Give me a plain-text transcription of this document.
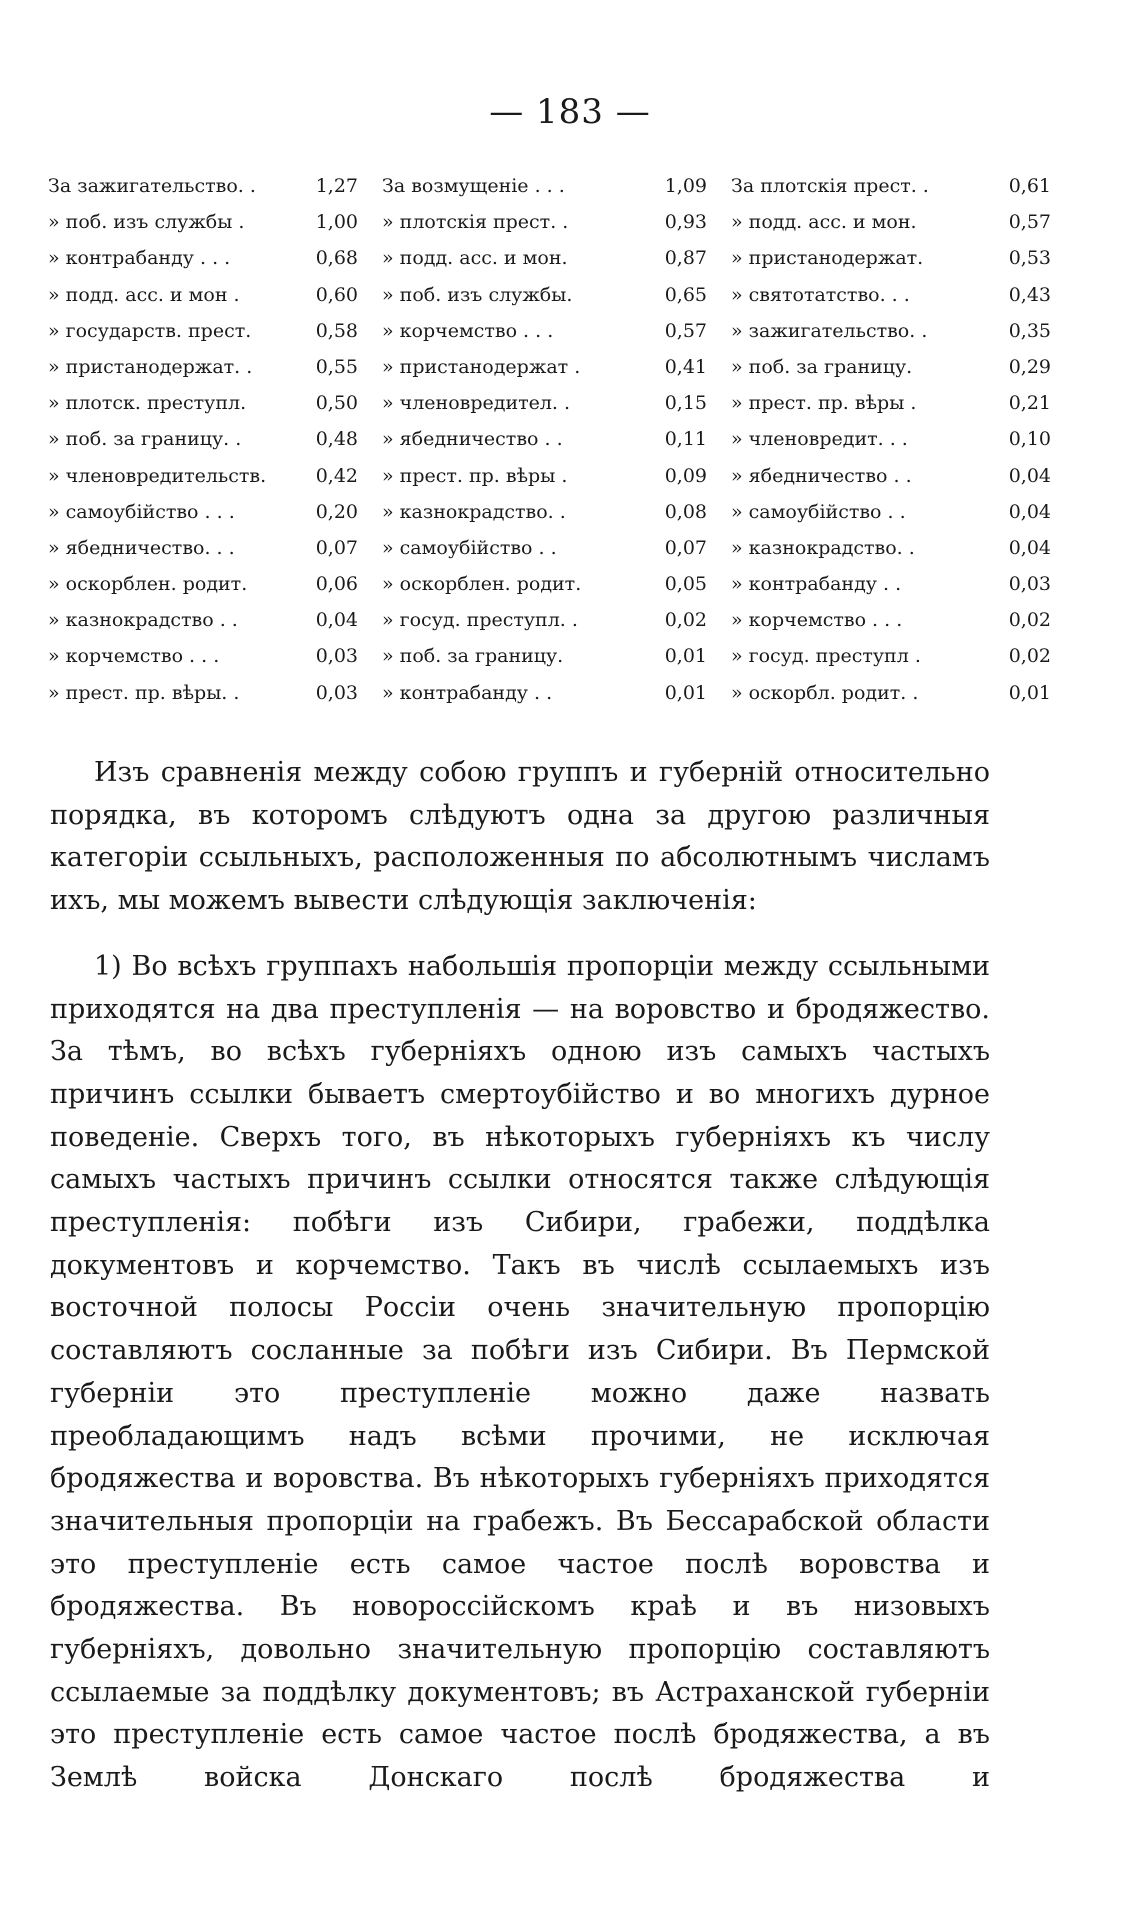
— 183 —
За зажигательство. .	1,27
» поб. изъ службы .	1,00
» контрабанду . . .	0,68
» подд. асс. и мон .	0,60
» государств. прест.	0,58
» пристанодержат. .	0,55
» плотск. преступл.	0,50
» поб. за границу. .	0,48
» членовредительств.	0,42
» самоубійство . . .	0,20
» ябедничество. . .	0,07
» оскорблен. родит.	0,06
» казнокрадство . .	0,04
» корчемство . . .	0,03
» прест. пр. вѣры. .	0,03
За возмущеніе . . .	1,09
» плотскія прест. .	0,93
» подд. асс. и мон.	0,87
» поб. изъ службы.	0,65
» корчемство . . .	0,57
» пристанодержат .	0,41
» членовредител. .	0,15
» ябедничество . .	0,11
» прест. пр. вѣры .	0,09
» казнокрадство. .	0,08
» самоубійство . .	0,07
» оскорблен. родит.	0,05
» госуд. преступл. .	0,02
» поб. за границу.	0,01
» контрабанду . .	0,01
За плотскія прест. .	0,61
» подд. асс. и мон.	0,57
» пристанодержат.	0,53
» святотатство. . .	0,43
» зажигательство. .	0,35
» поб. за границу.	0,29
» прест. пр. вѣры .	0,21
» членовредит. . .	0,10
» ябедничество . .	0,04
» самоубійство . .	0,04
» казнокрадство. .	0,04
» контрабанду . .	0,03
» корчемство . . .	0,02
» госуд. преступл .	0,02
» оскорбл. родит. .	0,01

Изъ сравненія между собою группъ и губерній относительно порядка, въ которомъ слѣдуютъ одна за другою различныя категоріи ссыльныхъ, расположенныя по абсолютнымъ числамъ ихъ, мы можемъ вывести слѣдующія заключенія:

1) Во всѣхъ группахъ набольшія пропорціи между ссыльными приходятся на два преступленія — на воровство и бродяжество. За тѣмъ, во всѣхъ губерніяхъ одною изъ самыхъ частыхъ причинъ ссылки бываетъ смертоубійство и во многихъ дурное поведеніе. Сверхъ того, въ нѣкоторыхъ губерніяхъ къ числу самыхъ частыхъ причинъ ссылки относятся также слѣдующія преступленія: побѣги изъ Сибири, грабежи, поддѣлка документовъ и корчемство. Такъ въ числѣ ссылаемыхъ изъ восточной полосы Россіи очень значительную пропорцію составляютъ сосланные за побѣги изъ Сибири. Въ Пермской губерніи это преступленіе можно даже назвать преобладающимъ надъ всѣми прочими, не исключая бродяжества и воровства. Въ нѣкоторыхъ губерніяхъ приходятся значительныя пропорціи на грабежъ. Въ Бессарабской области это преступленіе есть самое частое послѣ воровства и бродяжества. Въ новороссійскомъ краѣ и въ низовыхъ губерніяхъ, довольно значительную пропорцію составляютъ ссылаемые за поддѣлку документовъ; въ Астраханской губерніи это преступленіе есть самое частое послѣ бродяжества, а въ Землѣ войска Донскаго послѣ бродяжества и
